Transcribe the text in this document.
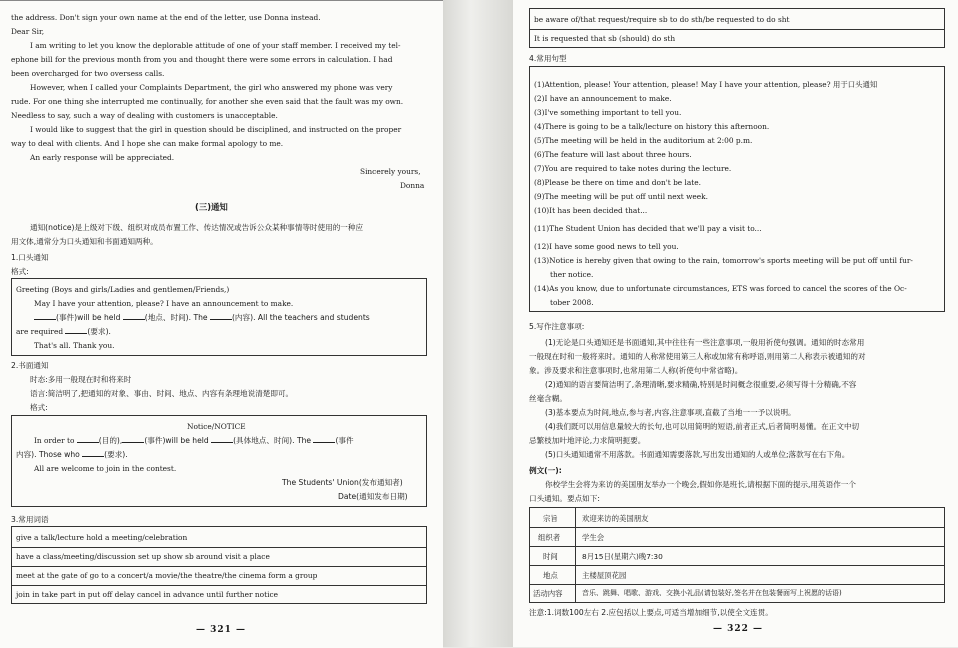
the address. Don't sign your own name at the end of the letter, use Donna instead.
Dear Sir,
I am writing to let you know the deplorable attitude of one of your staff member. I received my tel-
ephone bill for the previous month from you and thought there were some errors in calculation. I had
been overcharged for two oversess calls.
However, when I called your Complaints Department, the girl who answered my phone was very
rude. For one thing she interrupted me continually, for another she even said that the fault was my own.
Needless to say, such a way of dealing with customers is unacceptable.
I would like to suggest that the girl in question should be disciplined, and instructed on the proper
way to deal with clients. And I hope she can make formal apology to me.
An early response will be appreciated.
Sincerely yours,
Donna
(三)通知
通知(notice)是上级对下级、组织对成员布置工作、传达情况或告诉公众某种事情等时使用的一种应
用文体,通常分为口头通知和书面通知两种。
1.口头通知
格式:
Greeting (Boys and girls/Ladies and gentlemen/Friends,)
May I have your attention, please? I have an announcement to make.
(事件)will be held	(地点、时间). The	(内容). All the teachers and students
are required	(要求).
That's all. Thank you.
2.书面通知
时态:多用一般现在时和将来时
语言:简洁明了,把通知的对象、事由、时间、地点、内容有条理地说清楚即可。
格式:
Notice/NOTICE
In order to	(目的),	(事件)will be held	(具体地点、时间). The	(事件
内容). Those who	(要求).
All are welcome to join in the contest.
The Students' Union(发布通知者)
Date(通知发布日期)
3.常用词语
give a talk/lecture hold a meeting/celebration
have a class/meeting/discussion set up show sb around visit a place
meet at the gate of go to a concert/a movie/the theatre/the cinema form a group
join in take part in put off delay cancel in advance until further notice
— 321 —
be aware of/that request/require sb to do sth/be requested to do sht
It is requested that sb (should) do sth
4.常用句型
(1)Attention, please! Your attention, please! May I have your attention, please? 用于口头通知
(2)I have an announcement to make.
(3)I've something important to tell you.
(4)There is going to be a talk/lecture on history this afternoon.
(5)The meeting will be held in the auditorium at 2:00 p.m.
(6)The feature will last about three hours.
(7)You are required to take notes during the lecture.
(8)Please be there on time and don't be late.
(9)The meeting will be put off until next week.
(10)It has been decided that...
(11)The Student Union has decided that we'll pay a visit to...
(12)I have some good news to tell you.
(13)Notice is hereby given that owing to the rain, tomorrow's sports meeting will be put off until fur-
ther notice.
(14)As you know, due to unfortunate circumstances, ETS was forced to cancel the scores of the Oc-
tober 2008.
5.写作注意事项:
(1)无论是口头通知还是书面通知,其中往往有一些注意事项,一般用祈使句强调。通知的时态常用
一般现在时和一般将来时。通知的人称常使用第三人称或加常有称呼语,则用第二人称表示被通知的对
象。涉及要求和注意事项时,也常用第二人称(祈使句中常省略)。
(2)通知的语言要简洁明了,条理清晰,要求精确,特别是时间概念很重要,必须写得十分精确,不容
丝毫含糊。
(3)基本要点为时间,地点,参与者,内容,注意事项,直截了当地一一予以说明。
(4)我们既可以用信息量较大的长句,也可以用简明的短语,前者正式,后者简明易懂。在正文中切
忌繁枝加叶地评论,力求简明扼要。
(5)口头通知通常不用落款。书面通知需要落款,写出发出通知的人或单位;落款写在右下角。
例文(一):
你校学生会将为来访的美国朋友举办一个晚会,假如你是班长,请根据下面的提示,用英语作一个
口头通知。要点如下:
宗旨	欢迎来访的美国朋友
组织者	学生会
时间	8月15日(星期六)晚7:30
地点	主楼屋顶花园
活动内容	音乐、跳舞、唱歌、游戏、交换小礼品(请包装好,签名并在包装餐面写上祝愿的话语)
注意:1.词数100左右 2.应包括以上要点,可适当增加细节,以使全文连贯。
— 322 —
